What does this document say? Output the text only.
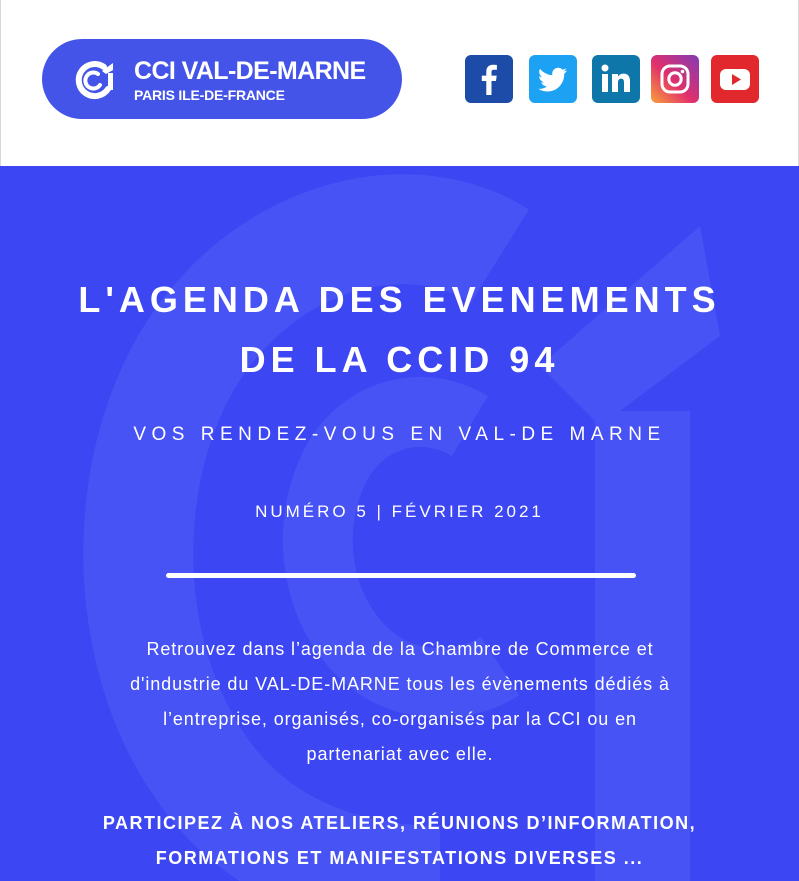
CCI VAL-DE-MARNE
PARIS ILE-DE-FRANCE
L'AGENDA DES EVENEMENTS
DE LA CCID 94
VOS RENDEZ-VOUS EN VAL-DE MARNE
NUMÉRO 5 | FÉVRIER 2021
Retrouvez dans l’agenda de la Chambre de Commerce et
d'industrie du VAL-DE-MARNE tous les évènements dédiés à
l’entreprise, organisés, co-organisés par la CCI ou en
partenariat avec elle.
PARTICIPEZ À NOS ATELIERS, RÉUNIONS D’INFORMATION,
FORMATIONS ET MANIFESTATIONS DIVERSES ...
